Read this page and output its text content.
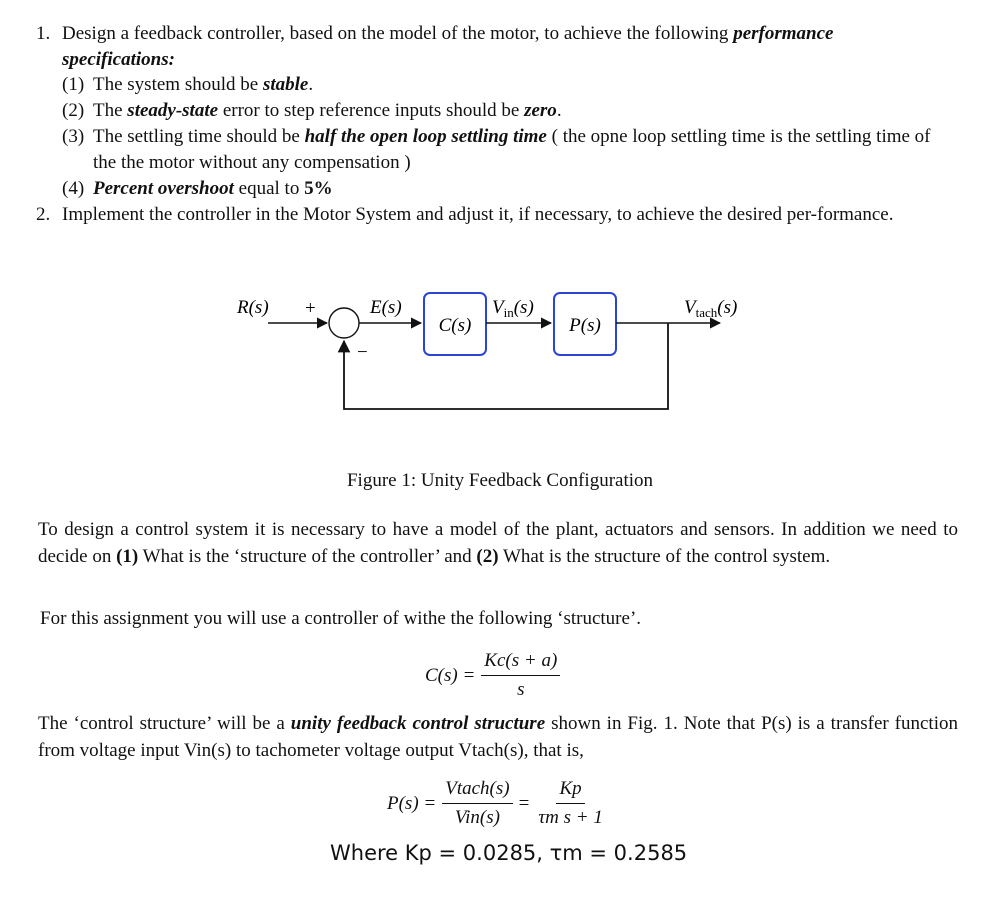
1. Design a feedback controller, based on the model of the motor, to achieve the following performance specifications:
(1) The system should be stable.
(2) The steady-state error to step reference inputs should be zero.
(3) The settling time should be half the open loop settling time ( the opne loop settling time is the settling time of the the motor without any compensation )
(4) Percent overshoot equal to 5%
2. Implement the controller in the Motor System and adjust it, if necessary, to achieve the desired per-formance.
R(s) +
−
E(s)
C(s)
$V_{in}(s)$
P(s)
$V_{tach}(s)$
Figure 1: Unity Feedback Configuration
To design a control system it is necessary to have a model of the plant, actuators and sensors. In addition we need to decide on (1) What is the ‘structure of the controller’ and (2) What is the structure of the control system.
For this assignment you will use a controller of withe the following ‘structure’.
$C(s) = \frac{Kc(s + a)}{s}$
The ‘control structure’ will be a unity feedback control structure shown in Fig. 1. Note that P(s) is a transfer function from voltage input Vin(s) to tachometer voltage output Vtach(s), that is,
$P(s) = \frac{\text{Vtach(s)}}{\text{Vin(s)}} = \frac{Kp}{\text{τm s + 1}}$
Where Kp = 0.0285, τm = 0.2585
